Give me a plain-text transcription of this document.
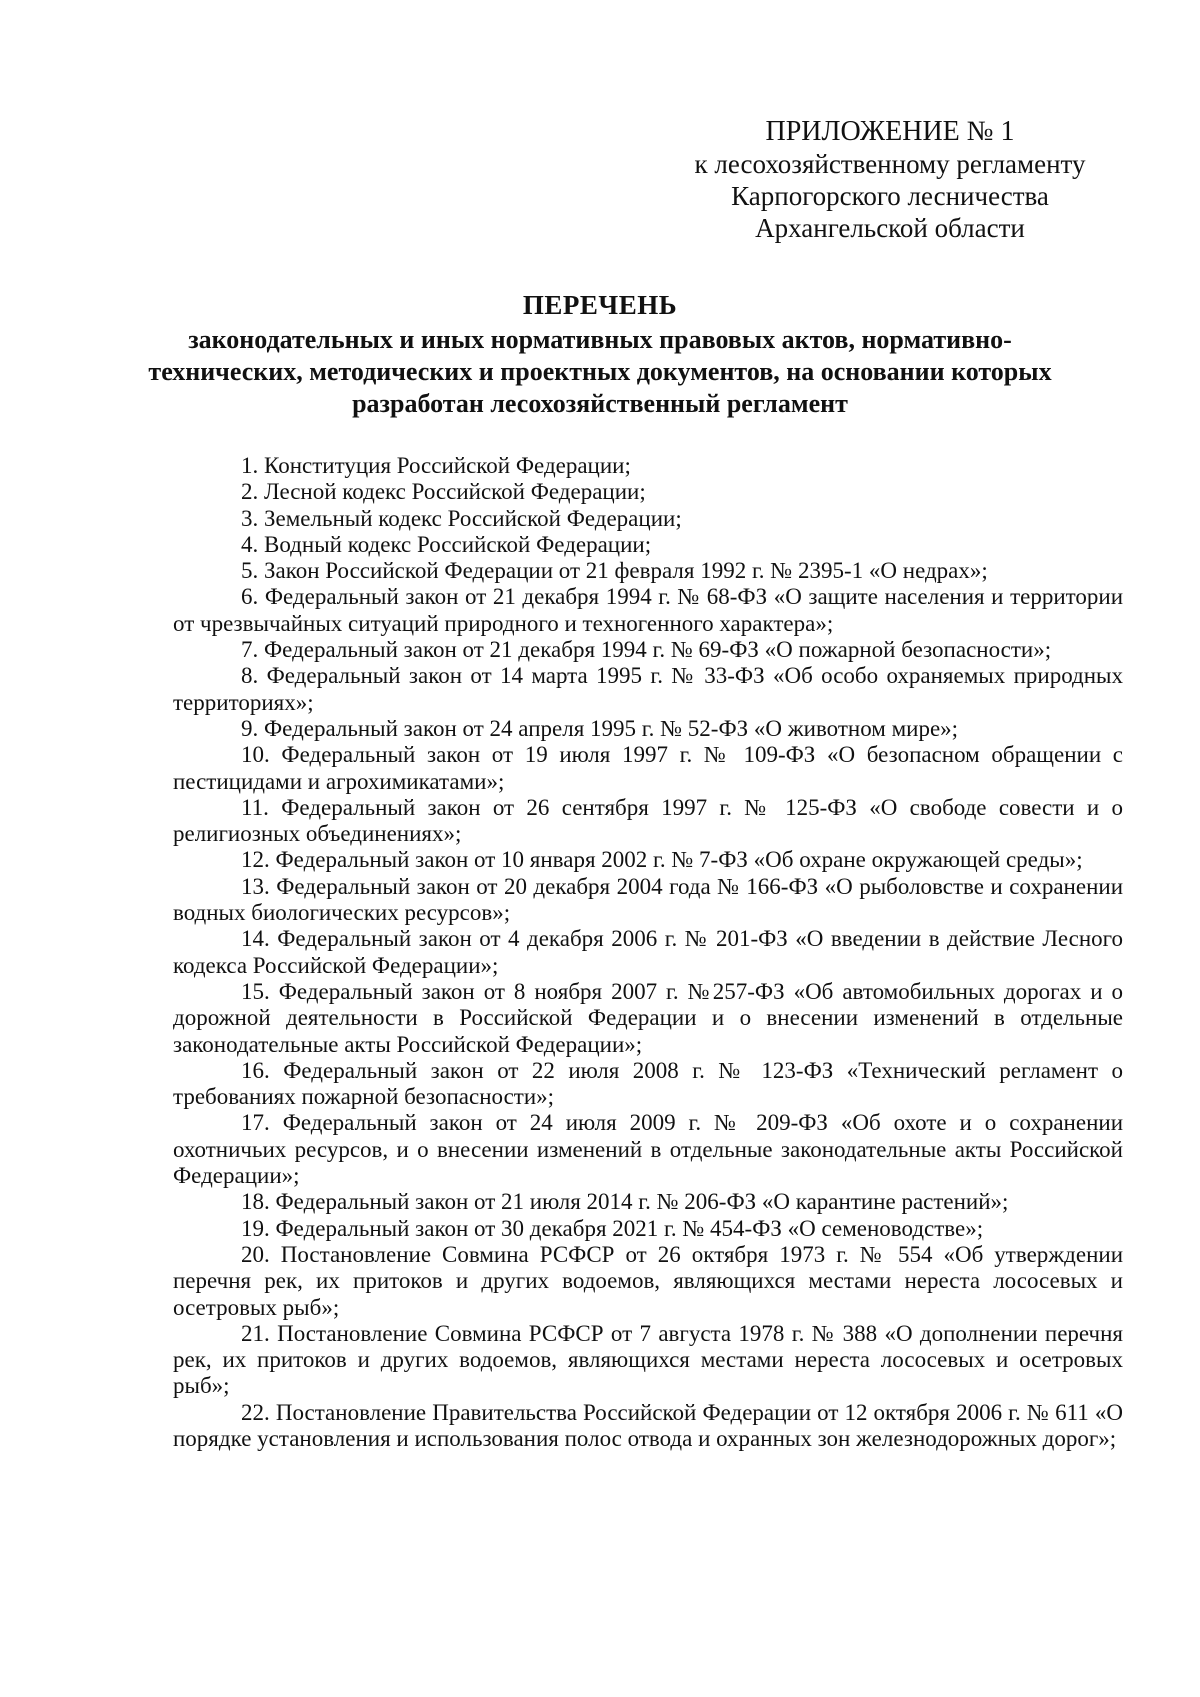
ПРИЛОЖЕНИЕ № 1
к лесохозяйственному регламенту
Карпогорского лесничества
Архангельской области
ПЕРЕЧЕНЬ
законодательных и иных нормативных правовых актов, нормативно-технических, методических и проектных документов, на основании которых разработан лесохозяйственный регламент

1. Конституция Российской Федерации;

2. Лесной кодекс Российской Федерации;

3. Земельный кодекс Российской Федерации;

4. Водный кодекс Российской Федерации;

5. Закон Российской Федерации от 21 февраля 1992 г. № 2395-1 «О недрах»;

6. Федеральный закон от 21 декабря 1994 г. № 68-ФЗ «О защите населения и территории от чрезвычайных ситуаций природного и техногенного характера»;

7. Федеральный закон от 21 декабря 1994 г. № 69-ФЗ «О пожарной безопасности»;

8. Федеральный закон от 14 марта 1995 г. № 33-ФЗ «Об особо охраняемых природных территориях»;

9. Федеральный закон от 24 апреля 1995 г. № 52-ФЗ «О животном мире»;

10. Федеральный закон от 19 июля 1997 г. № 109-ФЗ «О безопасном обращении с пестицидами и агрохимикатами»;

11. Федеральный закон от 26 сентября 1997 г. № 125-ФЗ «О свободе совести и о религиозных объединениях»;

12. Федеральный закон от 10 января 2002 г. № 7-ФЗ «Об охране окружающей среды»;

13. Федеральный закон от 20 декабря 2004 года № 166-ФЗ «О рыболовстве и сохранении водных биологических ресурсов»;

14. Федеральный закон от 4 декабря 2006 г. № 201-ФЗ «О введении в действие Лесного кодекса Российской Федерации»;

15. Федеральный закон от 8 ноября 2007 г. №257-ФЗ «Об автомобильных дорогах и о дорожной деятельности в Российской Федерации и о внесении изменений в отдельные законодательные акты Российской Федерации»;

16. Федеральный закон от 22 июля 2008 г. № 123-ФЗ «Технический регламент о требованиях пожарной безопасности»;

17. Федеральный закон от 24 июля 2009 г. № 209-ФЗ «Об охоте и о сохранении охотничьих ресурсов, и о внесении изменений в отдельные законодательные акты Российской Федерации»;

18. Федеральный закон от 21 июля 2014 г. № 206-ФЗ «О карантине растений»;

19. Федеральный закон от 30 декабря 2021 г. № 454-ФЗ «О семеноводстве»;

20. Постановление Совмина РСФСР от 26 октября 1973 г. № 554 «Об утверждении перечня рек, их притоков и других водоемов, являющихся местами нереста лососевых и осетровых рыб»;

21. Постановление Совмина РСФСР от 7 августа 1978 г. № 388 «О дополнении перечня рек, их притоков и других водоемов, являющихся местами нереста лососевых и осетровых рыб»;

22. Постановление Правительства Российской Федерации от 12 октября 2006 г. № 611 «О порядке установления и использования полос отвода и охранных зон железнодорожных дорог»;
